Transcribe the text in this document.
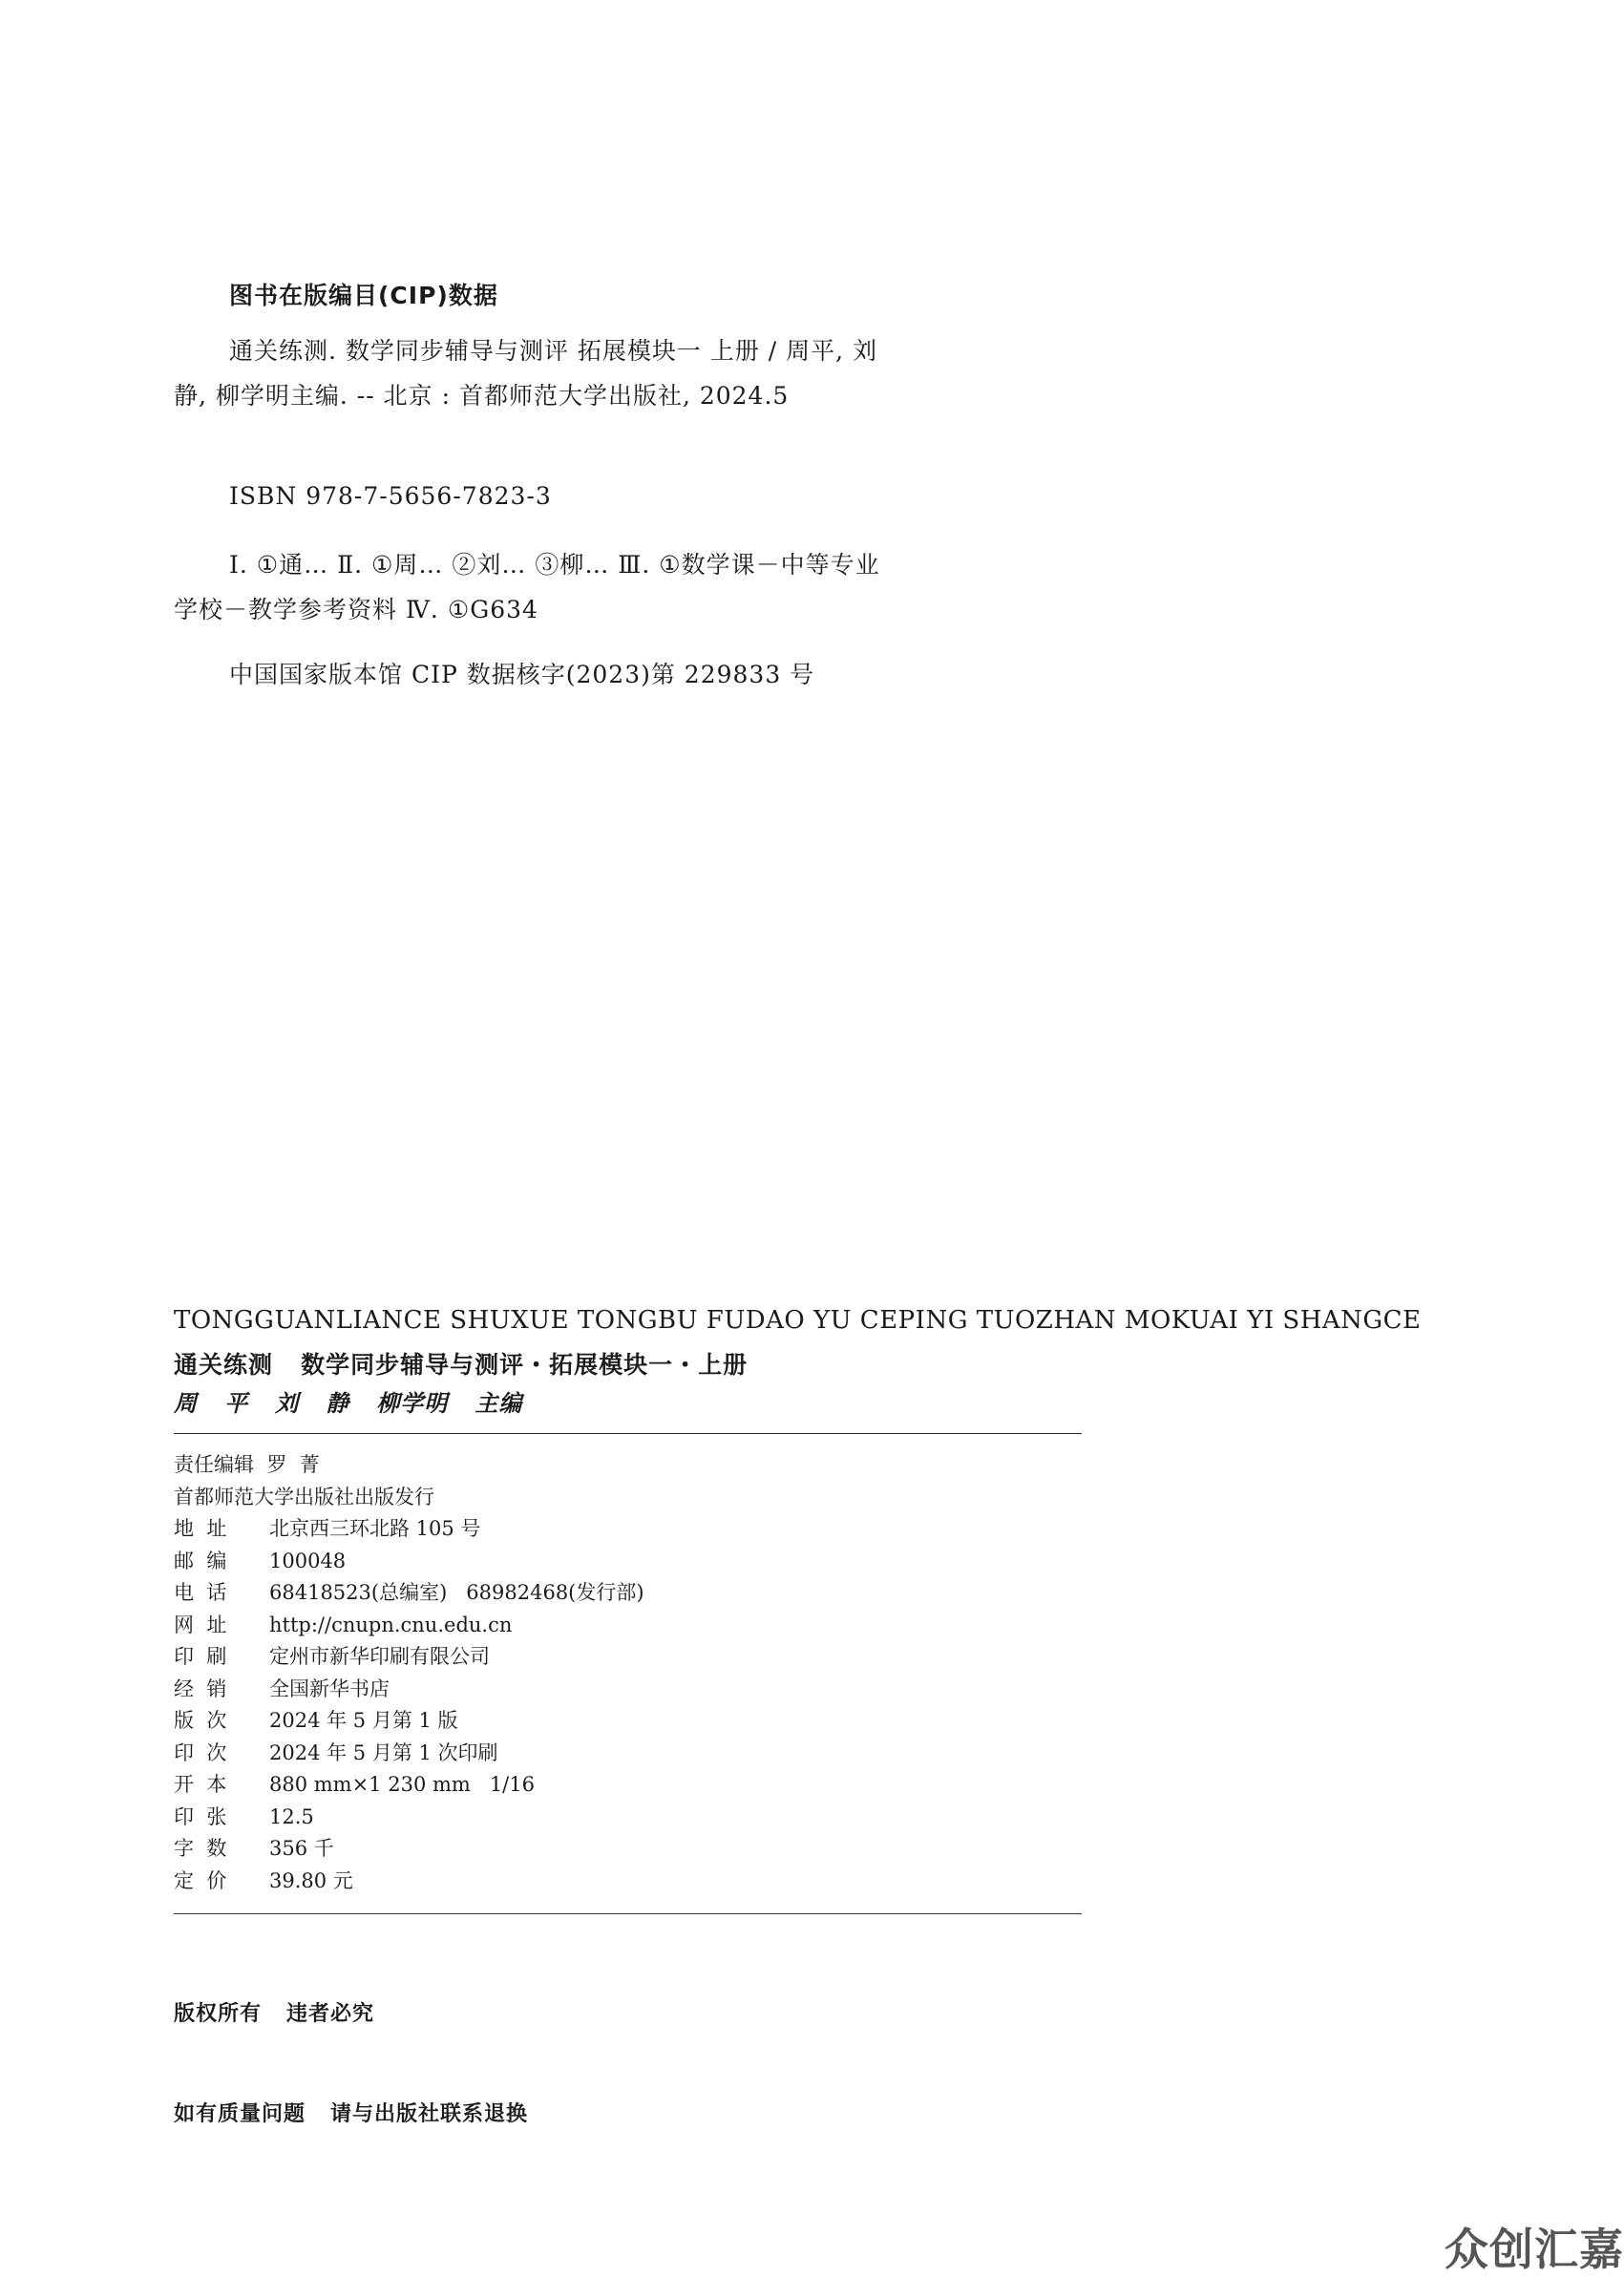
图书在版编目(CIP)数据
通关练测. 数学同步辅导与测评 拓展模块一 上册 / 周平, 刘静, 柳学明主编. -- 北京 : 首都师范大学出版社, 2024.5
ISBN 978-7-5656-7823-3
Ⅰ. ①通… Ⅱ. ①周… ②刘… ③柳… Ⅲ. ①数学课－中等专业学校－教学参考资料 Ⅳ. ①G634
中国国家版本馆 CIP 数据核字(2023)第 229833 号
TONGGUANLIANCE SHUXUE TONGBU FUDAO YU CEPING TUOZHAN MOKUAI YI SHANGCE
通关练测   数学同步辅导与测评・拓展模块一・上册
周   平   刘   静   柳学明   主编
责任编辑 罗  菁
首都师范大学出版社出版发行
地  址	北京西三环北路 105 号
邮  编	100048
电  话	68418523(总编室)   68982468(发行部)
网  址	http://cnupn.cnu.edu.cn
印  刷	定州市新华印刷有限公司
经  销	全国新华书店
版  次	2024 年 5 月第 1 版
印  次	2024 年 5 月第 1 次印刷
开  本	880 mm×1 230 mm   1/16
印  张	12.5
字  数	356 千
定  价	39.80 元

版权所有   违者必究

如有质量问题   请与出版社联系退换

众创汇嘉
